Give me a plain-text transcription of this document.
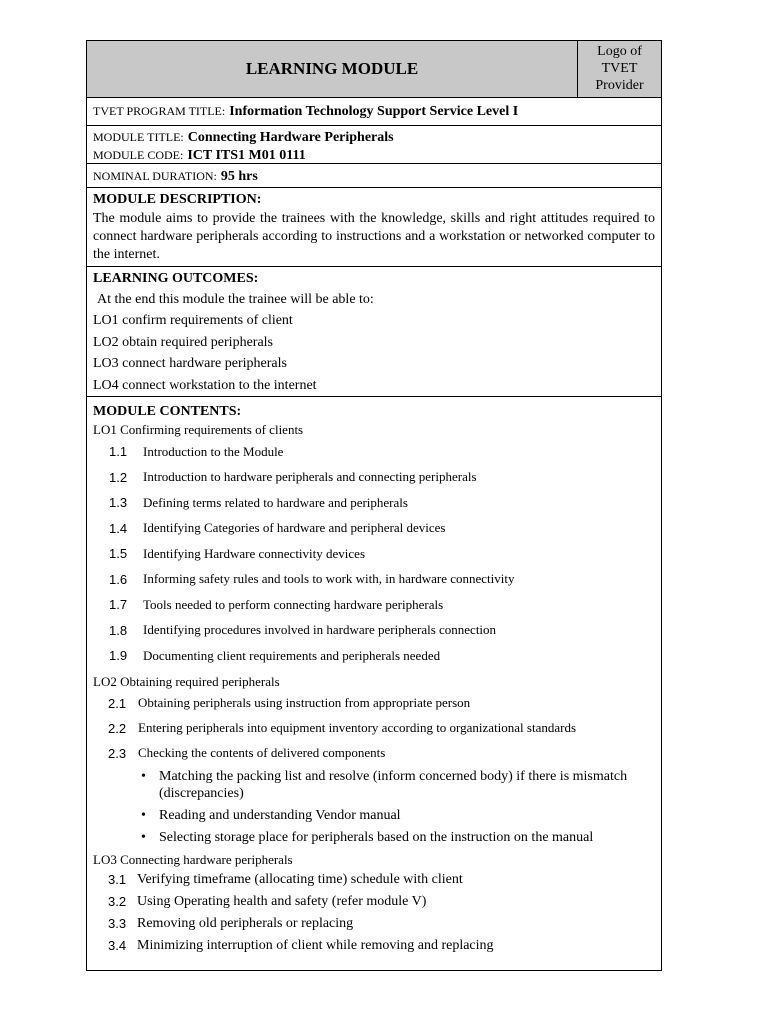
LEARNING MODULE
Logo of
TVET
Provider
TVET PROGRAM TITLE: Information Technology Support Service Level I
MODULE TITLE: Connecting Hardware Peripherals
MODULE CODE: ICT ITS1 M01 0111
NOMINAL DURATION: 95 hrs
MODULE DESCRIPTION:
The module aims to provide the trainees with the knowledge, skills and right attitudes required to connect hardware peripherals according to instructions and a workstation or networked computer to the internet.
LEARNING OUTCOMES:
At the end this module the trainee will be able to:
LO1 confirm requirements of client
LO2 obtain required peripherals
LO3 connect hardware peripherals
LO4 connect workstation to the internet
MODULE CONTENTS:
LO1 Confirming requirements of clients
1.1	Introduction to the Module
1.2	Introduction to hardware peripherals and connecting peripherals
1.3	Defining terms related to hardware and peripherals
1.4	Identifying Categories of hardware and peripheral devices
1.5	Identifying Hardware connectivity devices
1.6	Informing safety rules and tools to work with, in hardware connectivity
1.7	Tools needed to perform connecting hardware peripherals
1.8	Identifying procedures involved in hardware peripherals connection
1.9	Documenting client requirements and peripherals needed
LO2 Obtaining required peripherals
2.1 Obtaining peripherals using instruction from appropriate person
2.2 Entering peripherals into equipment inventory according to organizational standards
2.3 Checking the contents of delivered components
• Matching the packing list and resolve (inform concerned body) if there is mismatch (discrepancies)
• Reading and understanding Vendor manual
• Selecting storage place for peripherals based on the instruction on the manual
LO3 Connecting hardware peripherals
3.1 Verifying timeframe (allocating time) schedule with client
3.2 Using Operating health and safety (refer module V)
3.3 Removing old peripherals or replacing
3.4 Minimizing interruption of client while removing and replacing
